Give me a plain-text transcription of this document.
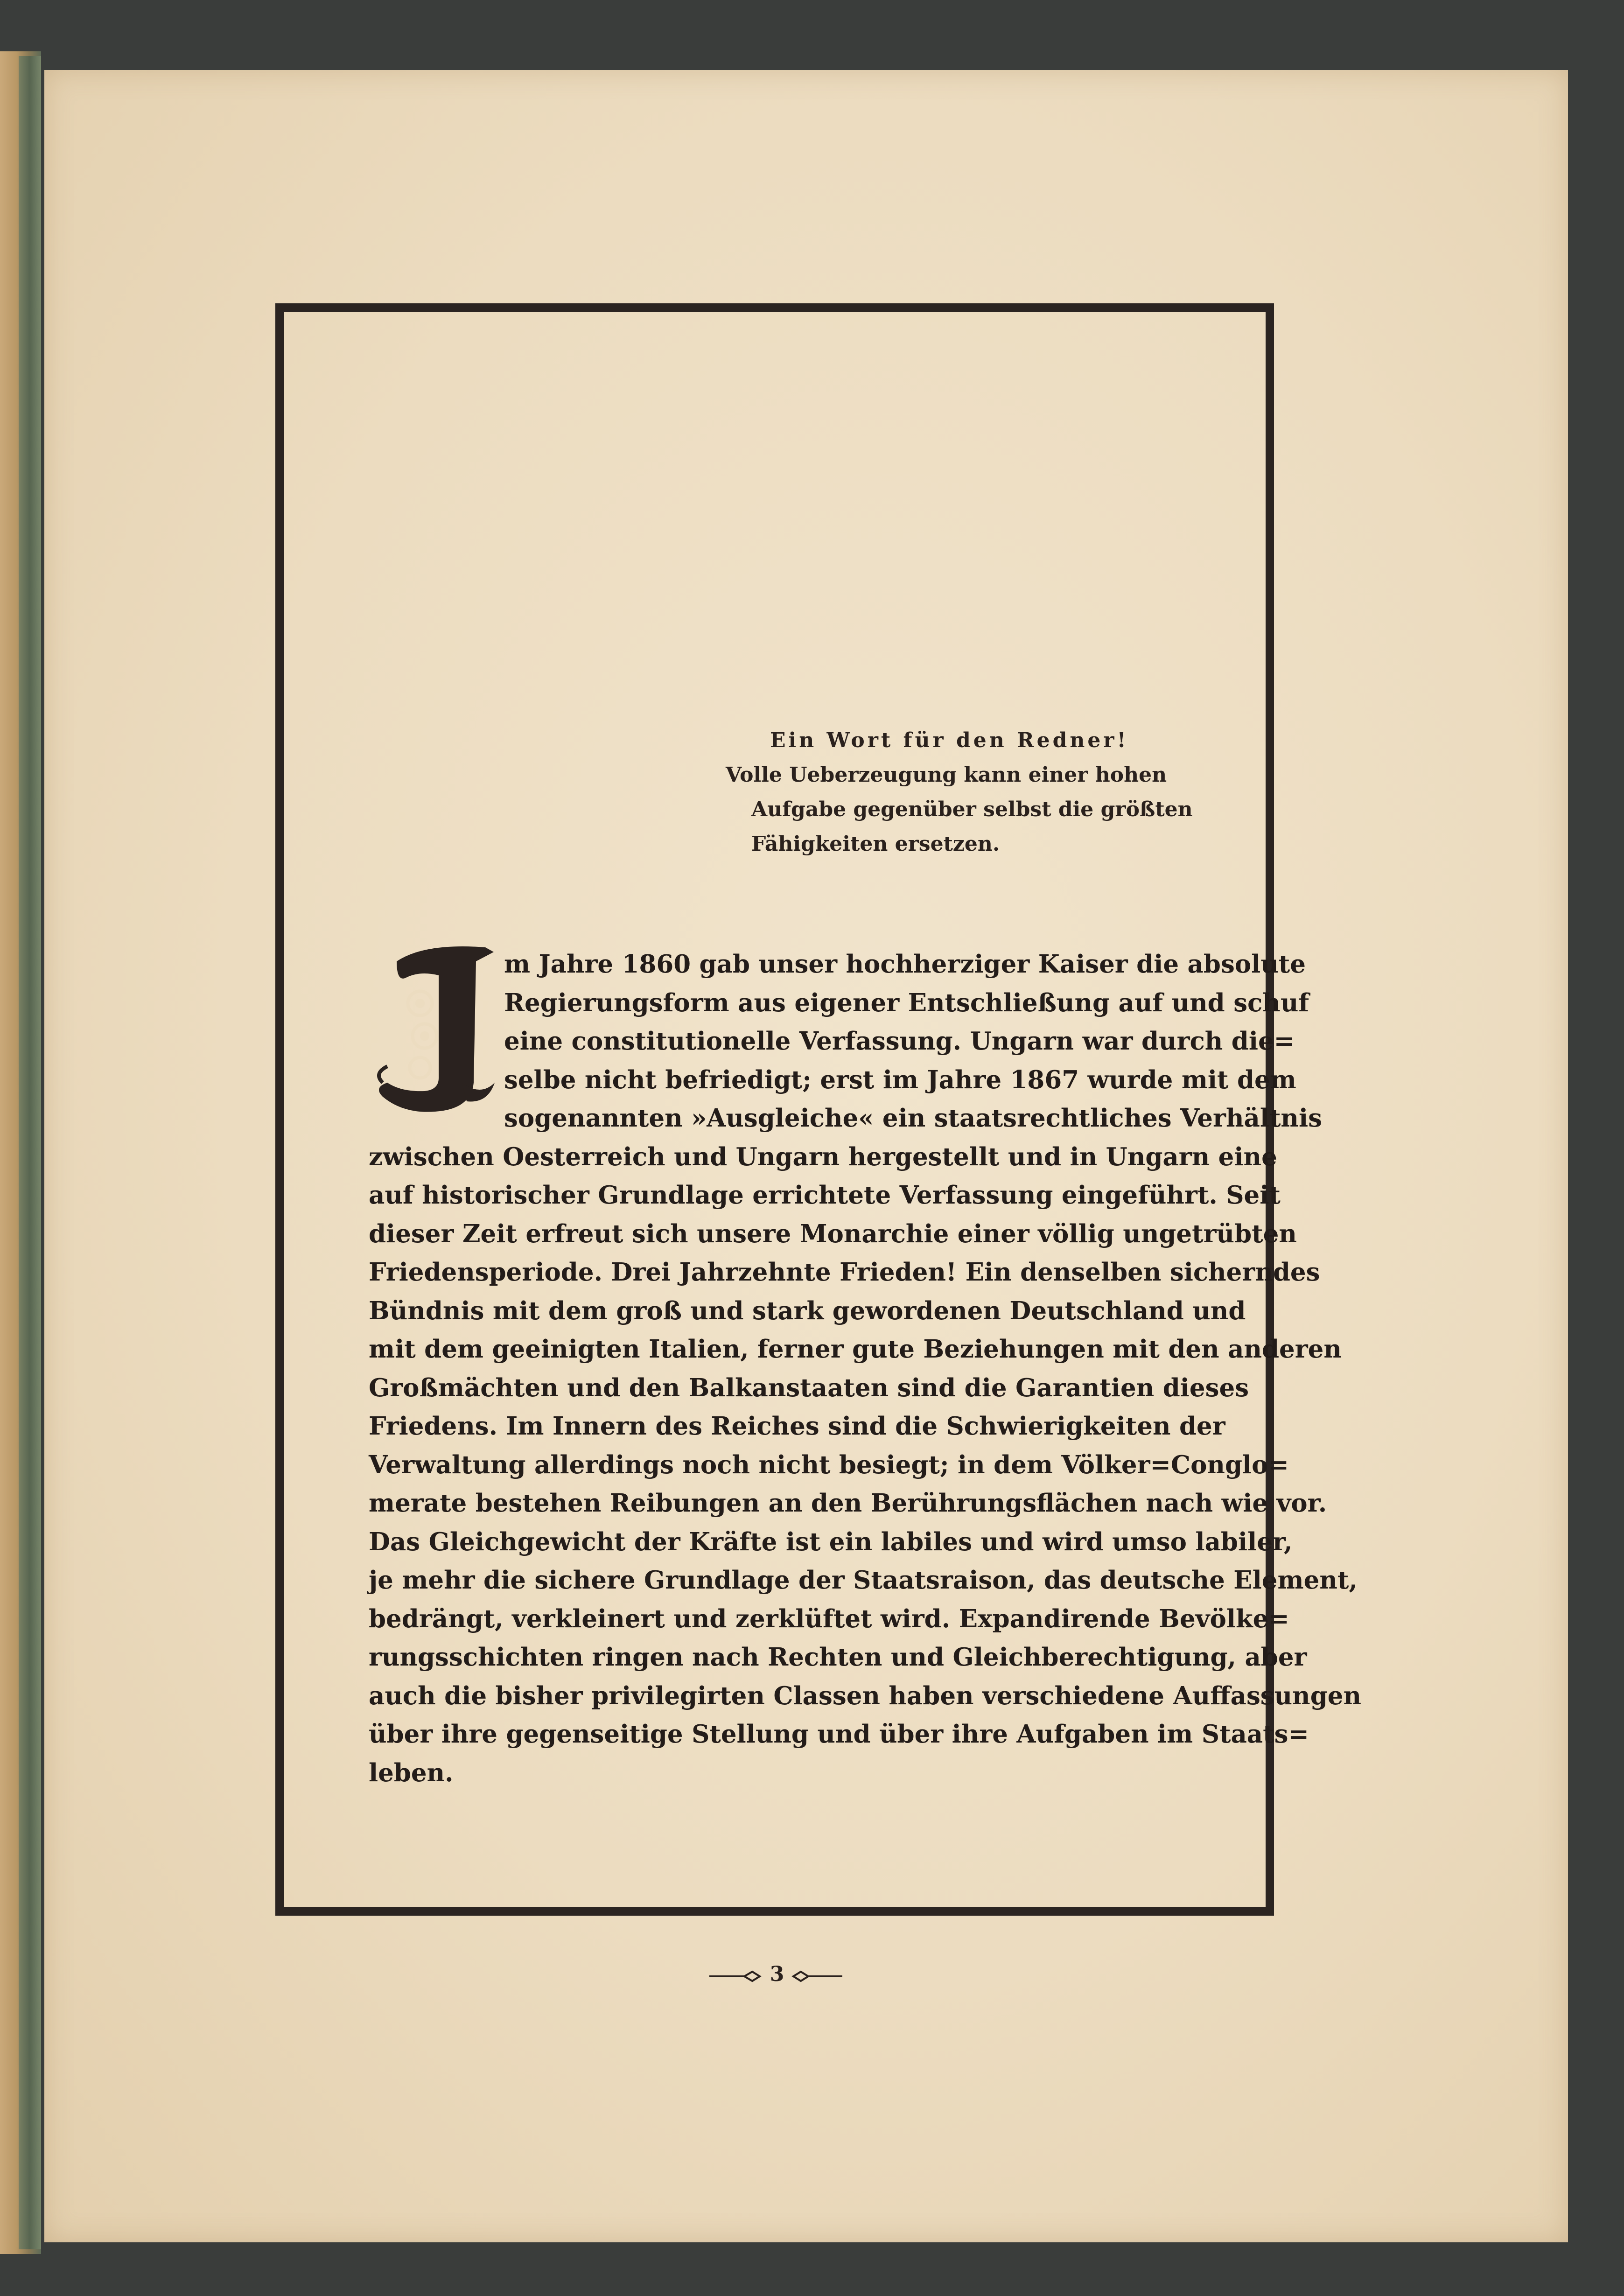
Ein Wort für den Redner!
Volle Ueberzeugung kann einer hohen
Aufgabe gegenüber selbst die größten
Fähigkeiten ersetzen.
m Jahre 1860 gab unser hochherziger Kaiser die absolute
Regierungsform aus eigener Entschließung auf und schuf
eine constitutionelle Verfassung. Ungarn war durch die=
selbe nicht befriedigt; erst im Jahre 1867 wurde mit dem
sogenannten »Ausgleiche« ein staatsrechtliches Verhältnis
zwischen Oesterreich und Ungarn hergestellt und in Ungarn eine
auf historischer Grundlage errichtete Verfassung eingeführt. Seit
dieser Zeit erfreut sich unsere Monarchie einer völlig ungetrübten
Friedensperiode. Drei Jahrzehnte Frieden! Ein denselben sicherndes
Bündnis mit dem groß und stark gewordenen Deutschland und
mit dem geeinigten Italien, ferner gute Beziehungen mit den anderen
Großmächten und den Balkanstaaten sind die Garantien dieses
Friedens. Im Innern des Reiches sind die Schwierigkeiten der
Verwaltung allerdings noch nicht besiegt; in dem Völker=Conglo=
merate bestehen Reibungen an den Berührungsflächen nach wie vor.
Das Gleichgewicht der Kräfte ist ein labiles und wird umso labiler,
je mehr die sichere Grundlage der Staatsraison, das deutsche Element,
bedrängt, verkleinert und zerklüftet wird. Expandirende Bevölke=
rungsschichten ringen nach Rechten und Gleichberechtigung, aber
auch die bisher privilegirten Classen haben verschiedene Auffassungen
über ihre gegenseitige Stellung und über ihre Aufgaben im Staats=
leben.
3
